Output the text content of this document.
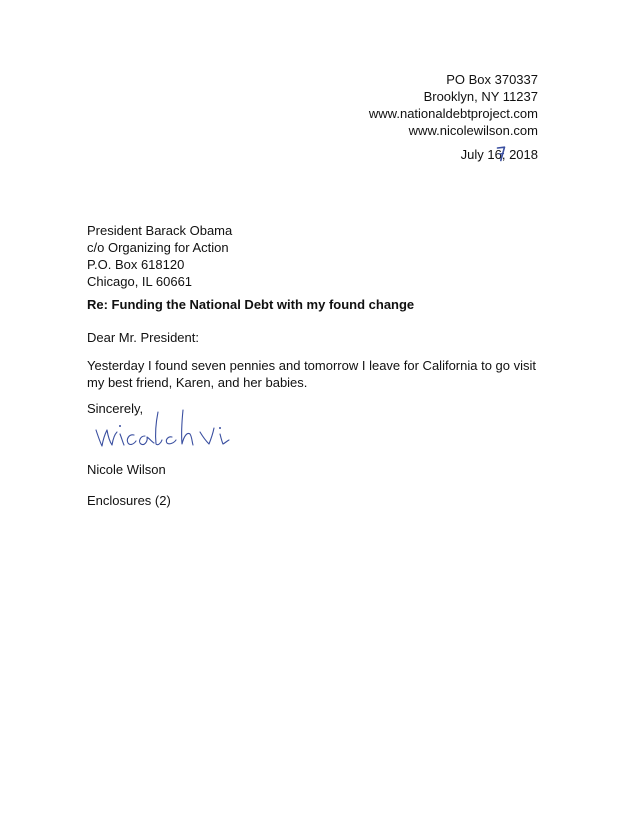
PO Box 370337
Brooklyn, NY 11237
www.nationaldebtproject.com
www.nicolewilson.com
July 16
, 2018
President Barack Obama
c/o Organizing for Action
P.O. Box 618120
Chicago, IL 60661
Re: Funding the National Debt with my found change
Dear Mr. President:
Yesterday I found seven pennies and tomorrow I leave for California to go visit
my best friend, Karen, and her babies.
Sincerely,
Nicole Wilson
Enclosures (2)
